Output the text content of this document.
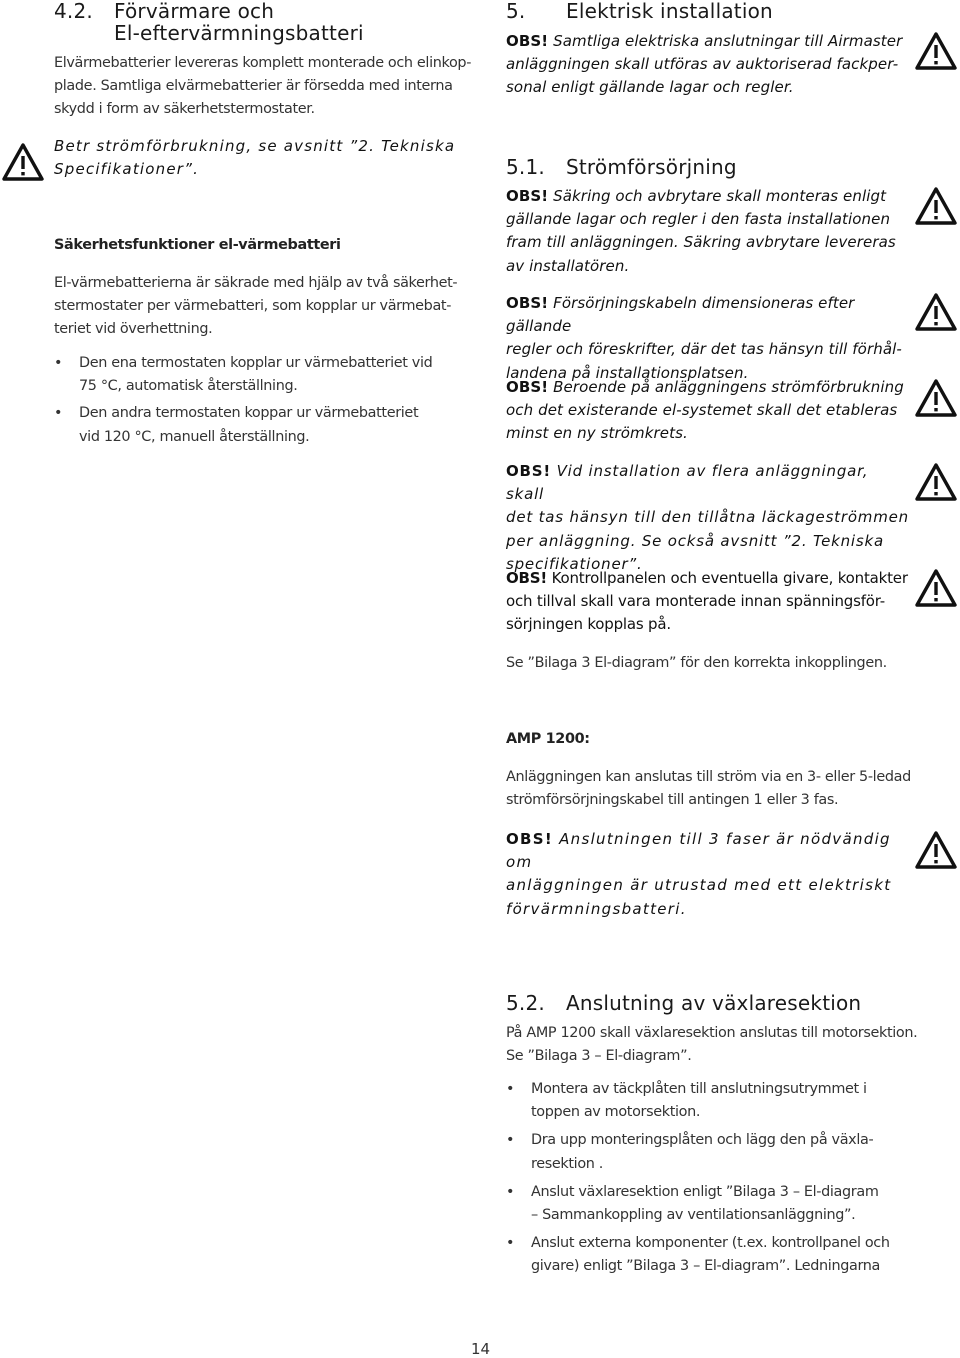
4.2. Förvärmare och
El-eftervärmningsbatteri
Elvärmebatterier levereras komplett monterade och elinkop-
plade. Samtliga elvärmebatterier är försedda med interna
skydd i form av säkerhetstermostater.
Betr strömförbrukning, se avsnitt ”2. Tekniska
Specifikationer”.
Säkerhetsfunktioner el-värmebatteri
El-värmebatterierna är säkrade med hjälp av två säkerhet-
stermostater per värmebatteri, som kopplar ur värmebat-
teriet vid överhettning.
• Den ena termostaten kopplar ur värmebatteriet vid
75 °C, automatisk återställning.
• Den andra termostaten koppar ur värmebatteriet
vid 120 °C, manuell återställning.
5. Elektrisk installation
OBS! Samtliga elektriska anslutningar till Airmaster
anläggningen skall utföras av auktoriserad fackper-
sonal enligt gällande lagar och regler.
5.1. Strömförsörjning
OBS! Säkring och avbrytare skall monteras enligt
gällande lagar och regler i den fasta installationen
fram till anläggningen. Säkring avbrytare levereras
av installatören.
OBS! Försörjningskabeln dimensioneras efter gällande
regler och föreskrifter, där det tas hänsyn till förhål-
landena på installationsplatsen.
OBS! Beroende på anläggningens strömförbrukning
och det existerande el-systemet skall det etableras
minst en ny strömkrets.
OBS! Vid installation av flera anläggningar, skall
det tas hänsyn till den tillåtna läckageströmmen
per anläggning. Se också avsnitt ”2. Tekniska
specifikationer”.
OBS! Kontrollpanelen och eventuella givare, kontakter
och tillval skall vara monterade innan spänningsför-
sörjningen kopplas på.
Se ”Bilaga 3 El-diagram” för den korrekta inkopplingen.
AMP 1200:
Anläggningen kan anslutas till ström via en 3- eller 5-ledad
strömförsörjningskabel till antingen 1 eller 3 fas.
OBS! Anslutningen till 3 faser är nödvändig om
anläggningen är utrustad med ett elektriskt
förvärmningsbatteri.
5.2. Anslutning av växlaresektion
På AMP 1200 skall växlaresektion anslutas till motorsektion.
Se ”Bilaga 3 – El-diagram”.
• Montera av täckplåten till anslutningsutrymmet i
toppen av motorsektion.
• Dra upp monteringsplåten och lägg den på växla-
resektion .
• Anslut växlaresektion enligt ”Bilaga 3 – El-diagram
– Sammankoppling av ventilationsanläggning”.
• Anslut externa komponenter (t.ex. kontrollpanel och
givare) enligt ”Bilaga 3 – El-diagram”. Ledningarna
14
